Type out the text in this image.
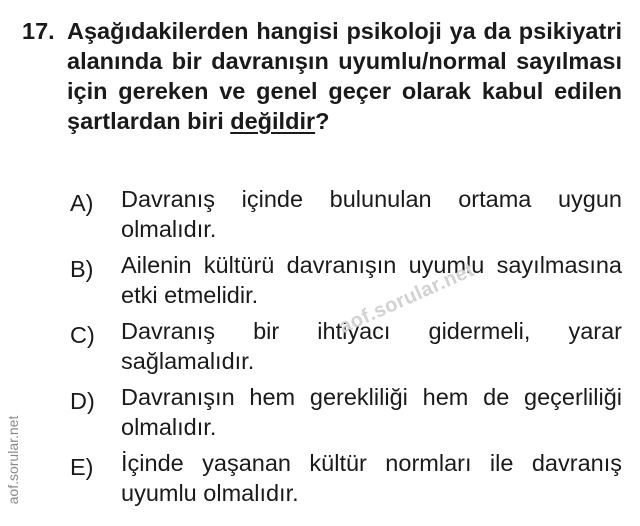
17. Aşağıdakilerden hangisi psikoloji ya da psikiyatri alanında bir davranışın uyumlu/normal sayılması için gereken ve genel geçer olarak kabul edilen şartlardan biri değildir?
A)	Davranış içinde bulunulan ortama uygun olmalıdır.
B)	Ailenin kültürü davranışın uyumlu sayılmasına etki etmelidir.
C)	Davranış bir ihtiyacı gidermeli, yarar sağlamalıdır.
D)	Davranışın hem gerekliliği hem de geçerliliği olmalıdır.
E)	İçinde yaşanan kültür normları ile davranış uyumlu olmalıdır.
aof.sorular.net
aof.sorular.net
